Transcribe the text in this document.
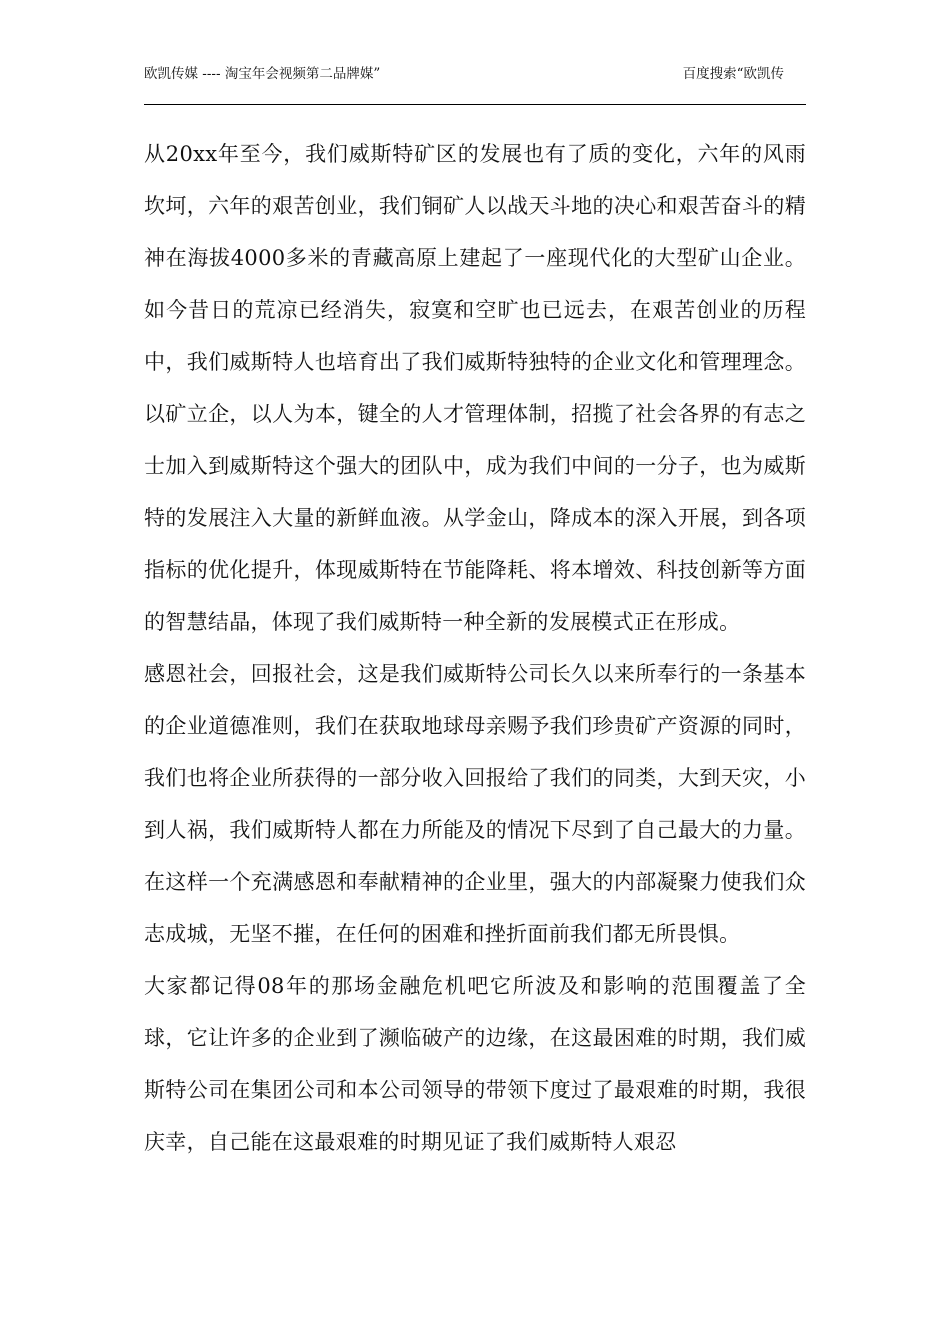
欧凯传媒 ---- 淘宝年会视频第二品牌媒”	百度搜索“欧凯传

从20xx年至今，我们威斯特矿区的发展也有了质的变化，六年的风雨坎坷，六年的艰苦创业，我们铜矿人以战天斗地的决心和艰苦奋斗的精神在海拔4000多米的青藏高原上建起了一座现代化的大型矿山企业。如今昔日的荒凉已经消失，寂寞和空旷也已远去，在艰苦创业的历程中，我们威斯特人也培育出了我们威斯特独特的企业文化和管理理念。以矿立企，以人为本，键全的人才管理体制，招揽了社会各界的有志之士加入到威斯特这个强大的团队中，成为我们中间的一分子，也为威斯特的发展注入大量的新鲜血液。从学金山，降成本的深入开展，到各项指标的优化提升，体现威斯特在节能降耗、将本增效、科技创新等方面的智慧结晶，体现了我们威斯特一种全新的发展模式正在形成。

感恩社会，回报社会，这是我们威斯特公司长久以来所奉行的一条基本的企业道德准则，我们在获取地球母亲赐予我们珍贵矿产资源的同时，我们也将企业所获得的一部分收入回报给了我们的同类，大到天灾，小到人祸，我们威斯特人都在力所能及的情况下尽到了自己最大的力量。在这样一个充满感恩和奉献精神的企业里，强大的内部凝聚力使我们众志成城，无坚不摧，在任何的困难和挫折面前我们都无所畏惧。

大家都记得08年的那场金融危机吧它所波及和影响的范围覆盖了全球，它让许多的企业到了濒临破产的边缘，在这最困难的时期，我们威斯特公司在集团公司和本公司领导的带领下度过了最艰难的时期，我很庆幸，自己能在这最艰难的时期见证了我们威斯特人艰忍
